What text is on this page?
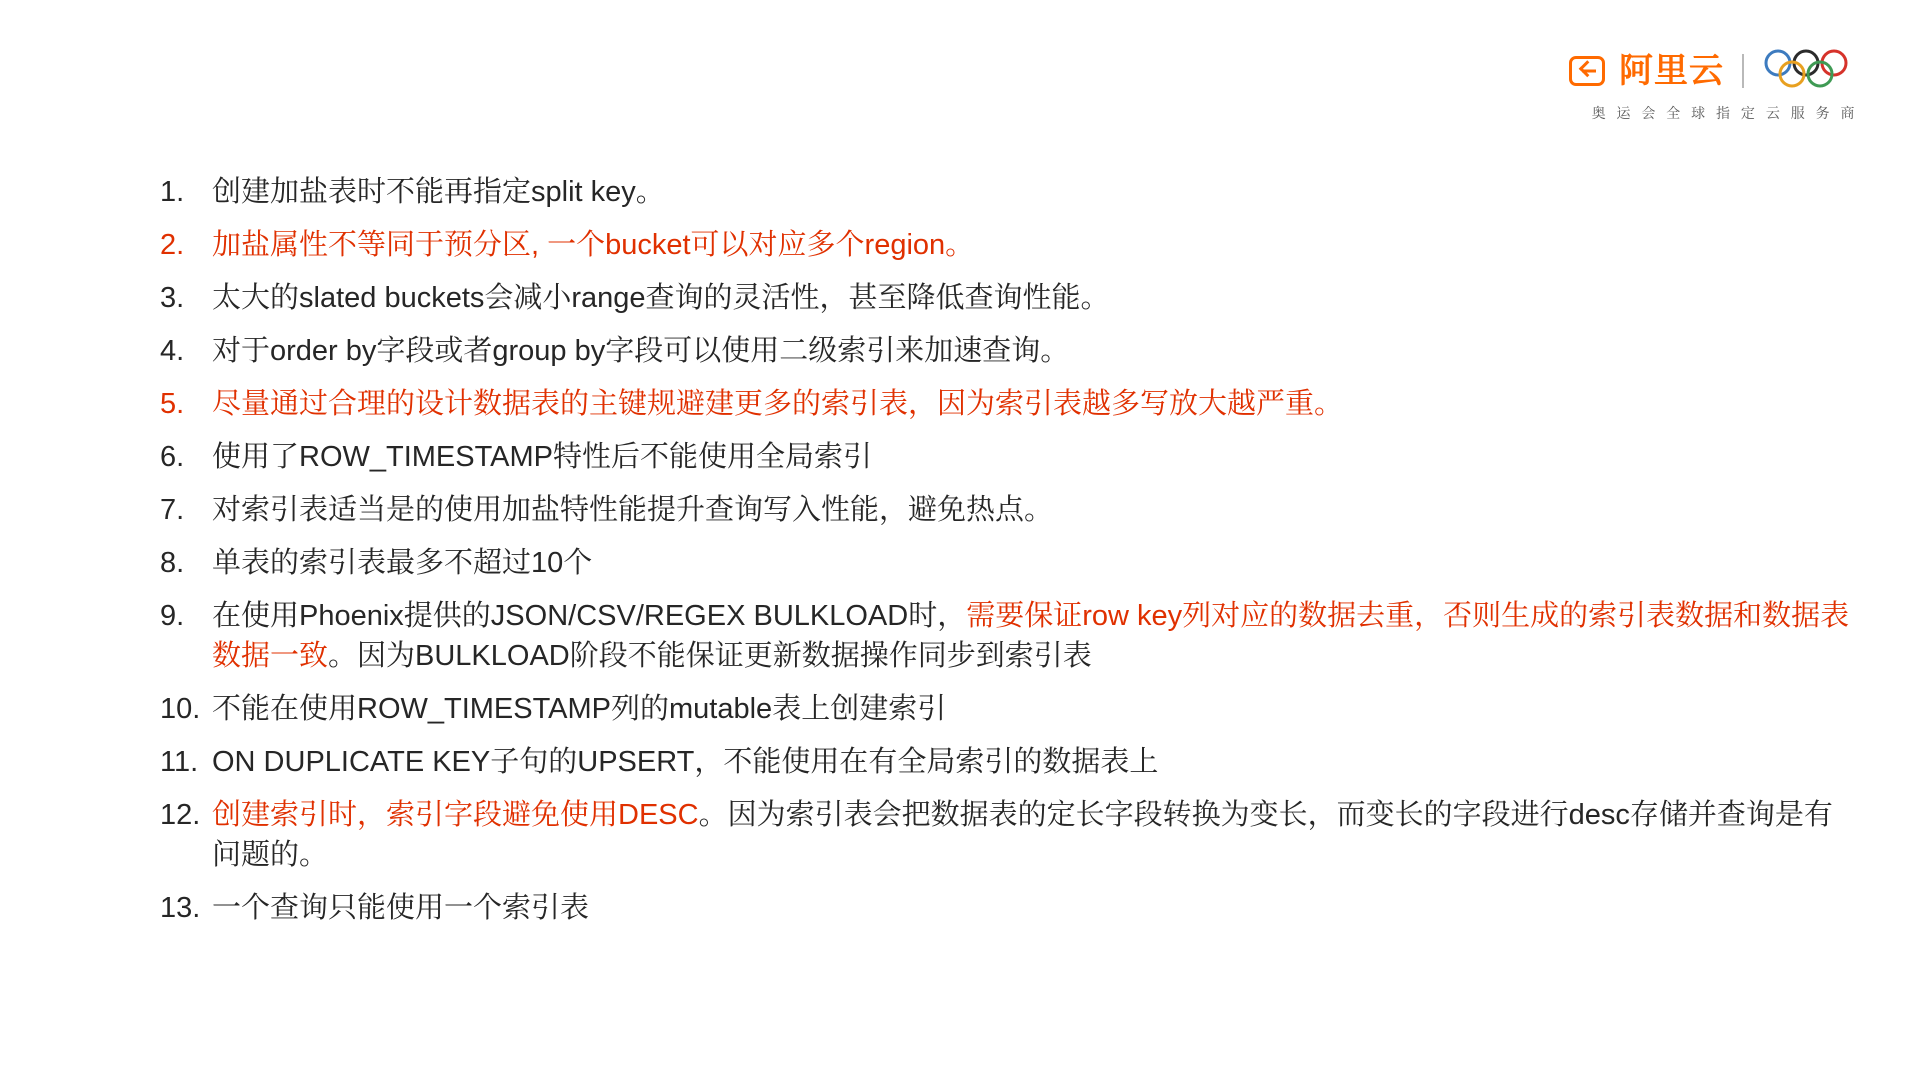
阿里云
奥 运 会 全 球 指 定 云 服 务 商
1. 创建加盐表时不能再指定split key。
2. 加盐属性不等同于预分区, 一个bucket可以对应多个region。
3. 太大的slated buckets会减小range查询的灵活性，甚至降低查询性能。
4. 对于order by字段或者group by字段可以使用二级索引来加速查询。
5. 尽量通过合理的设计数据表的主键规避建更多的索引表，因为索引表越多写放大越严重。
6. 使用了ROW_TIMESTAMP特性后不能使用全局索引
7. 对索引表适当是的使用加盐特性能提升查询写入性能，避免热点。
8. 单表的索引表最多不超过10个
9. 在使用Phoenix提供的JSON/CSV/REGEX BULKLOAD时，需要保证row key列对应的数据去重，否则生成的索引表数据和数据表数据一致。因为BULKLOAD阶段不能保证更新数据操作同步到索引表
10. 不能在使用ROW_TIMESTAMP列的mutable表上创建索引
11. ON DUPLICATE KEY子句的UPSERT，不能使用在有全局索引的数据表上
12. 创建索引时，索引字段避免使用DESC。因为索引表会把数据表的定长字段转换为变长，而变长的字段进行desc存储并查询是有问题的。
13. 一个查询只能使用一个索引表
